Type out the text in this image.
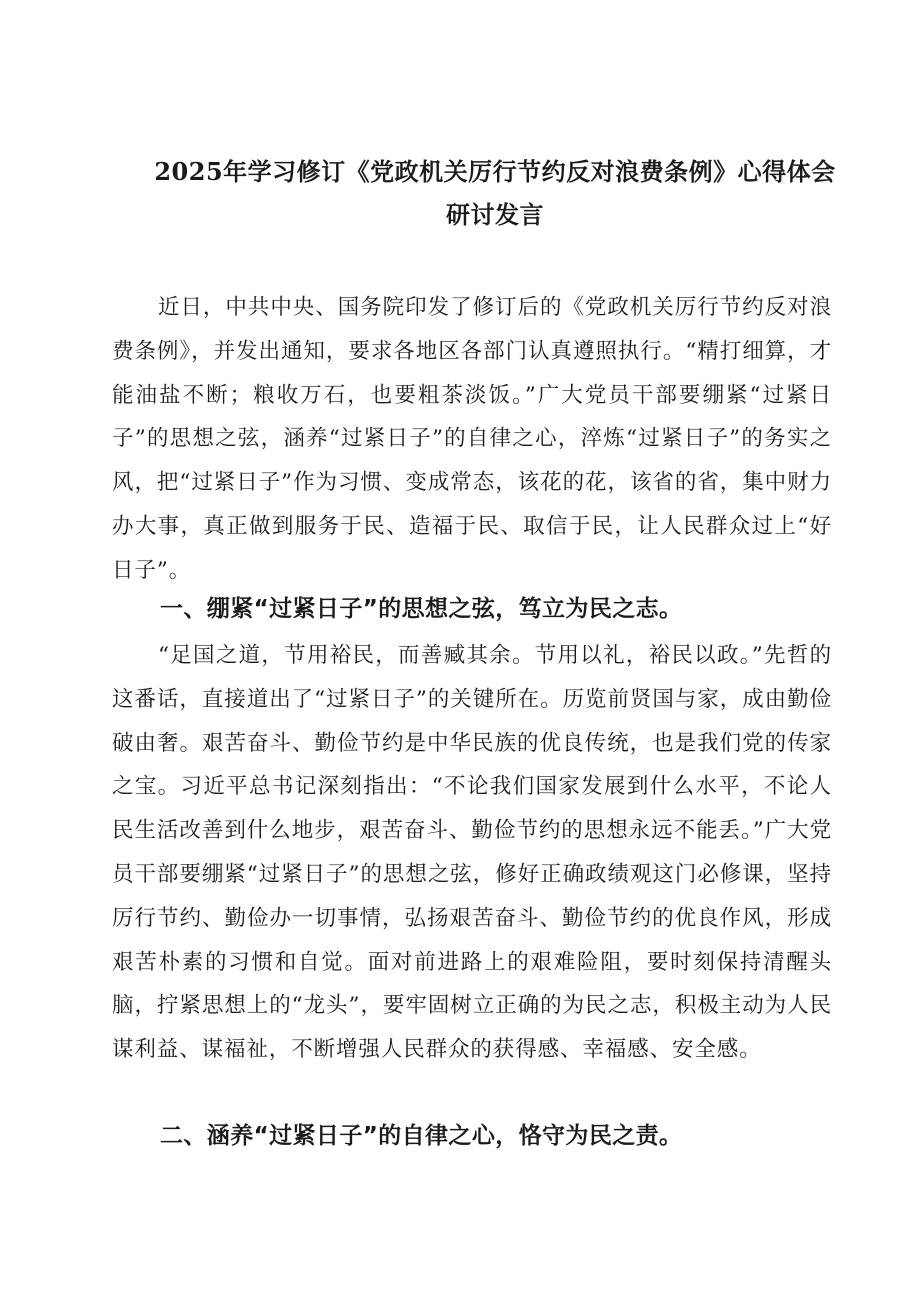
2025年学习修订《党政机关厉行节约反对浪费条例》心得体会
研讨发言

近日，中共中央、国务院印发了修订后的《党政机关厉行节约反对浪费条例》，并发出通知，要求各地区各部门认真遵照执行。“精打细算，才能油盐不断；粮收万石，也要粗茶淡饭。”广大党员干部要绷紧“过紧日子”的思想之弦，涵养“过紧日子”的自律之心，淬炼“过紧日子”的务实之风，把“过紧日子”作为习惯、变成常态，该花的花，该省的省，集中财力办大事，真正做到服务于民、造福于民、取信于民，让人民群众过上“好日子”。

一、绷紧“过紧日子”的思想之弦，笃立为民之志。

“足国之道，节用裕民，而善臧其余。节用以礼，裕民以政。”先哲的这番话，直接道出了“过紧日子”的关键所在。历览前贤国与家，成由勤俭破由奢。艰苦奋斗、勤俭节约是中华民族的优良传统，也是我们党的传家之宝。习近平总书记深刻指出：“不论我们国家发展到什么水平，不论人民生活改善到什么地步，艰苦奋斗、勤俭节约的思想永远不能丢。”广大党员干部要绷紧“过紧日子”的思想之弦，修好正确政绩观这门必修课，坚持厉行节约、勤俭办一切事情，弘扬艰苦奋斗、勤俭节约的优良作风，形成艰苦朴素的习惯和自觉。面对前进路上的艰难险阻，要时刻保持清醒头脑，拧紧思想上的“龙头”，要牢固树立正确的为民之志，积极主动为人民谋利益、谋福祉，不断增强人民群众的获得感、幸福感、安全感。

二、涵养“过紧日子”的自律之心，恪守为民之责。
